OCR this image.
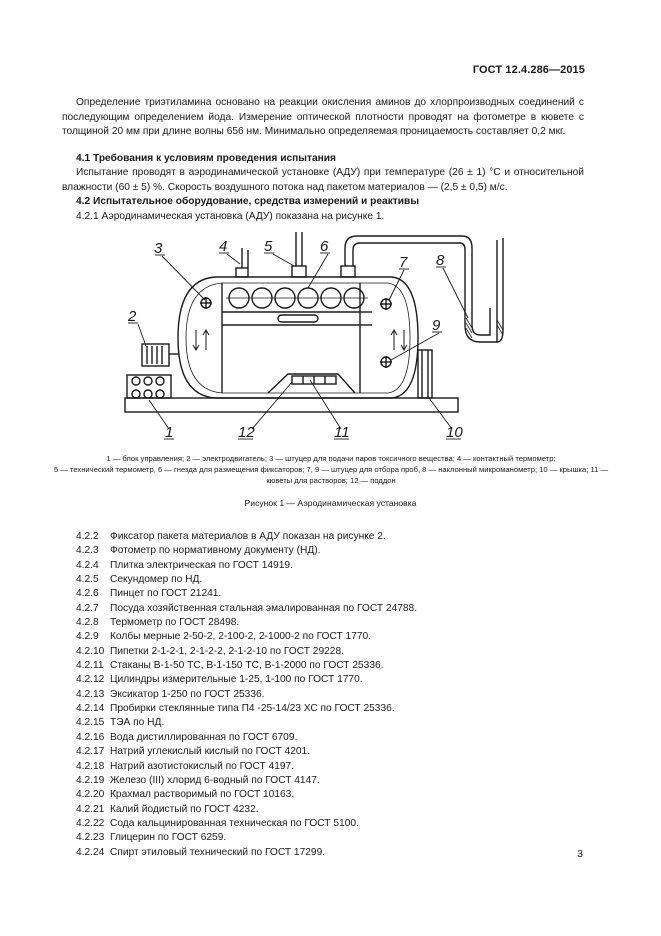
ГОСТ 12.4.286—2015
Определение триэтиламина основано на реакции окисления аминов до хлорпроизводных соединений с последующим определением йода. Измерение оптической плотности проводят на фотометре в кювете с толщиной 20 мм при длине волны 656 нм. Минимально определяемая проницаемость составляет 0,2 мкг.
4.1 Требования к условиям проведения испытания
Испытание проводят в аэродинамической установке (АДУ) при температуре (26 ± 1) °С и относительной влажности (60 ± 5) %. Скорость воздушного потока над пакетом материалов — (2,5 ± 0,5) м/с.
4.2 Испытательное оборудование, средства измерений и реактивы
4.2.1 Аэродинамическая установка (АДУ) показана на рисунке 1.
3	4 5	6
7 8
9
2
1	10
11
12
1 — блок управления; 2 — электродвигатель; 3 — штуцер для подачи паров токсичного вещества; 4 — контактный термометр;
5 — технический термометр, 6 — гнезда для размещения фиксаторов; 7, 9 — штуцер для отбора проб, 8 — наклонный микроманометр; 10 — крышка; 11 — кюветы для растворов; 12 — поддон
Рисунок 1 — Аэродинамическая установка
4.2.2 Фиксатор пакета материалов в АДУ показан на рисунке 2.
4.2.3 Фотометр по нормативному документу (НД).
4.2.4 Плитка электрическая по ГОСТ 14919.
4.2.5 Секундомер по НД.
4.2.6 Пинцет по ГОСТ 21241.
4.2.7 Посуда хозяйственная стальная эмалированная по ГОСТ 24788.
4.2.8 Термометр по ГОСТ 28498.
4.2.9 Колбы мерные 2-50-2, 2-100-2, 2-1000-2 по ГОСТ 1770.
4.2.10 Пипетки 2-1-2-1, 2-1-2-2, 2-1-2-10 по ГОСТ 29228.
4.2.11 Стаканы В-1-50 ТС, В-1-150 ТС, В-1-2000 по ГОСТ 25336.
4.2.12 Цилиндры измерительные 1-25, 1-100 по ГОСТ 1770.
4.2.13 Эксикатор 1-250 по ГОСТ 25336.
4.2.14 Пробирки стеклянные типа П4 -25-14/23 ХС по ГОСТ 25336.
4.2.15 ТЭА по НД.
4.2.16 Вода дистиллированная по ГОСТ 6709.
4.2.17 Натрий углекислый кислый по ГОСТ 4201.
4.2.18 Натрий азотистокислый по ГОСТ 4197.
4.2.19 Железо (III) хлорид 6-водный по ГОСТ 4147.
4.2.20 Крахмал растворимый по ГОСТ 10163.
4.2.21 Калий йодистый по ГОСТ 4232.
4.2.22 Сода кальцинированная техническая по ГОСТ 5100.
4.2.23 Глицерин по ГОСТ 6259.
4.2.24 Спирт этиловый технический по ГОСТ 17299.	3
